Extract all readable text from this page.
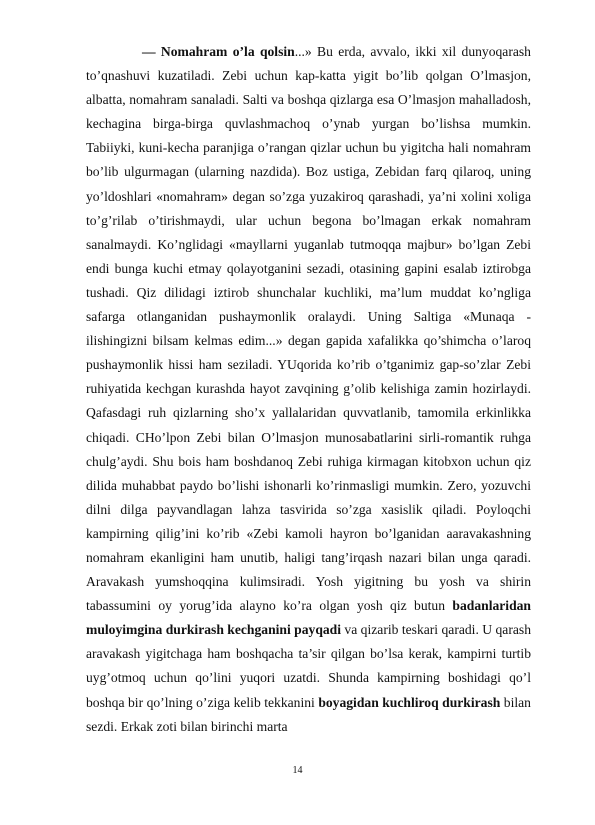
— Nomahram o’la qolsin...» Bu erda, avvalo, ikki xil dunyoqarash to’qnashuvi kuzatiladi. Zebi uchun kap-katta yigit bo’lib qolgan O’lmasjon, albatta, nomahram sanaladi. Salti va boshqa qizlarga esa O’lmasjon mahalladosh, kechagina birga-birga quvlashmachoq o’ynab yurgan bo’lishsa mumkin. Tabiiyki, kuni-kecha paranjiga o’rangan qizlar uchun bu yigitcha hali nomahram bo’lib ulgurmagan (ularning nazdida). Boz ustiga, Zebidan farq qilaroq, uning yo’ldoshlari «nomahram» degan so’zga yuzakiroq qarashadi, ya’ni xolini xoliga to’g’rilab o’tirishmaydi, ular uchun begona bo’lmagan erkak nomahram sanalmaydi. Ko’nglidagi «mayllarni yuganlab tutmoqqa majbur» bo’lgan Zebi endi bunga kuchi etmay qolayotganini sezadi, otasining gapini esalab iztirobga tushadi. Qiz dilidagi iztirob shunchalar kuchliki, ma’lum muddat ko’ngliga safarga otlanganidan pushaymonlik oralaydi. Uning Saltiga «Munaqa -ilishingizni bilsam kelmas edim...» degan gapida xafalikka qo’shimcha o’laroq pushaymonlik hissi ham seziladi. YUqorida ko’rib o’tganimiz gap-so’zlar Zebi ruhiyatida kechgan kurashda hayot zavqining g’olib kelishiga zamin hozirlaydi. Qafasdagi ruh qizlarning sho’x yallalaridan quvvatlanib, tamomila erkinlikka chiqadi. CHo’lpon Zebi bilan O’lmasjon munosabatlarini sirli-romantik ruhga chulg’aydi. Shu bois ham boshdanoq Zebi ruhiga kirmagan kitobxon uchun qiz dilida muhabbat paydo bo’lishi ishonarli ko’rinmasligi mumkin. Zero, yozuvchi dilni dilga payvandlagan lahza tasvirida so’zga xasislik qiladi. Poyloqchi kampirning qilig’ini ko’rib «Zebi kamoli hayron bo’lganidan aaravakashning nomahram ekanligini ham unutib, haligi tang’irqash nazari bilan unga qaradi. Aravakash yumshoqqina kulimsiradi. Yosh yigitning bu yosh va shirin tabassumini oy yorug’ida alayno ko’ra olgan yosh qiz butun badanlaridan muloyimgina durkirash kechganini payqadi va qizarib teskari qaradi. U qarash aravakash yigitchaga ham boshqacha ta’sir qilgan bo’lsa kerak, kampirni turtib uyg’otmoq uchun qo’lini yuqori uzatdi. Shunda kampirning boshidagi qo’l boshqa bir qo’lning o’ziga kelib tekkanini boyagidan kuchliroq durkirash bilan sezdi. Erkak zoti bilan birinchi marta

14
